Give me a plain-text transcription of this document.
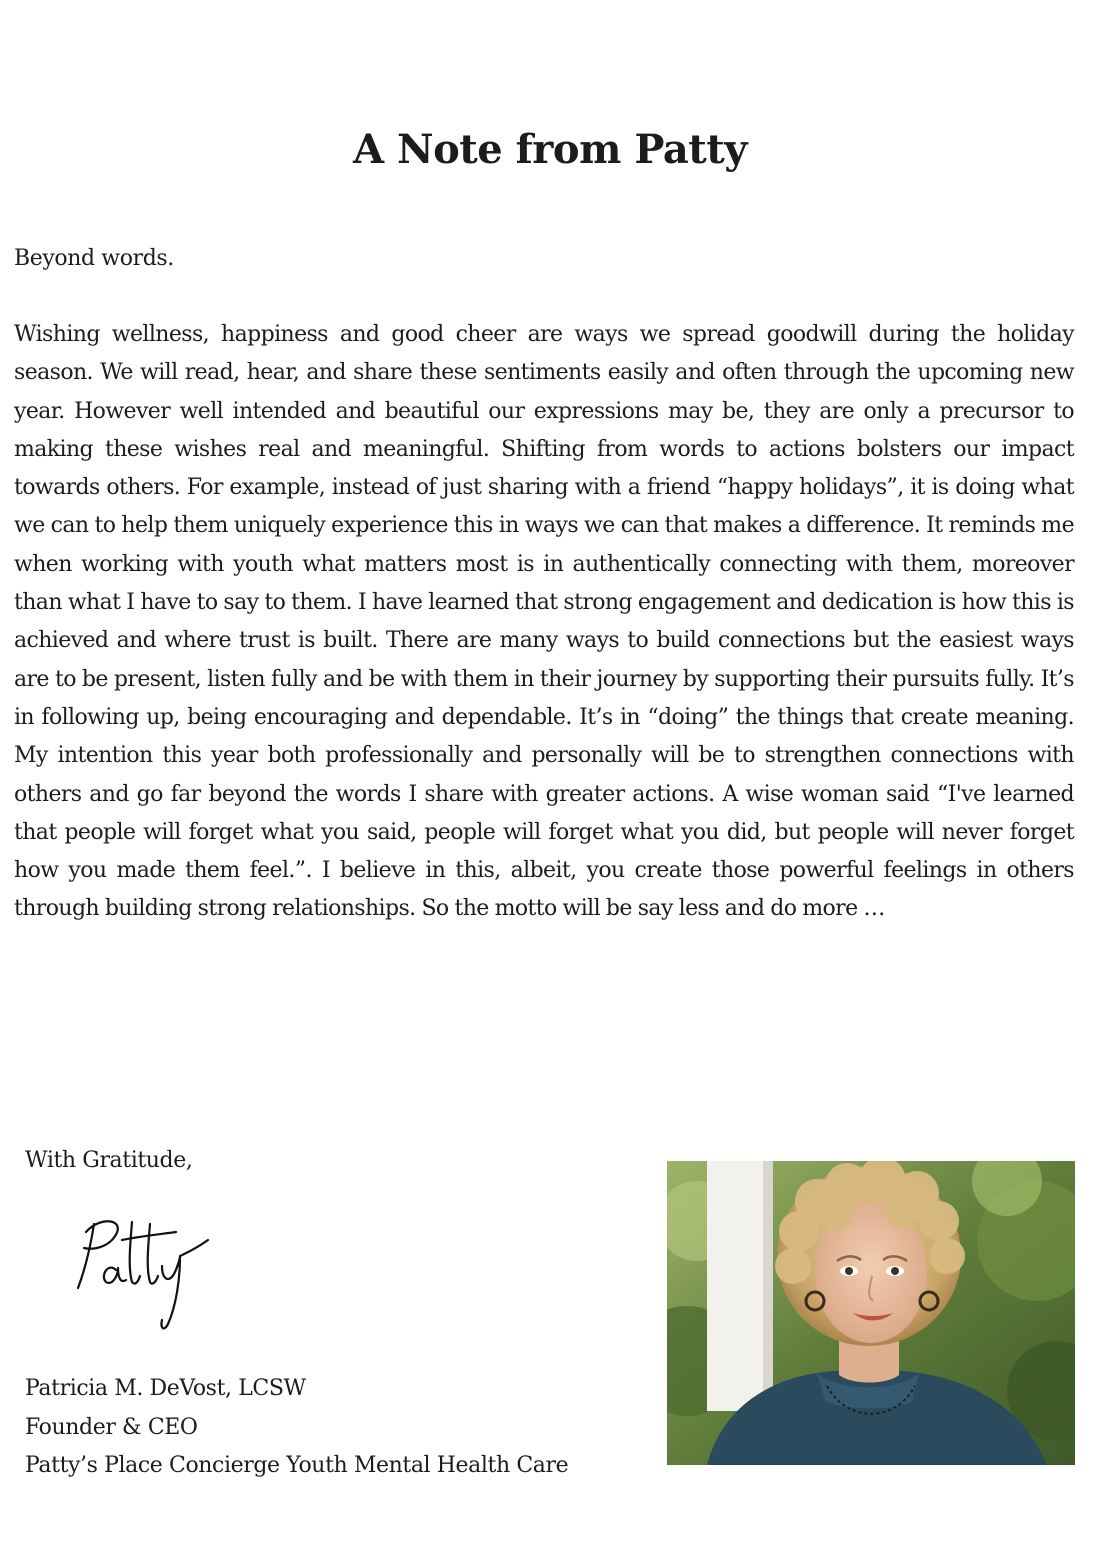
A Note from Patty

Beyond words.

Wishing wellness, happiness and good cheer are ways we spread goodwill during the holiday season. We will read, hear, and share these sentiments easily and often through the upcoming new year. However well intended and beautiful our expressions may be, they are only a precursor to making these wishes real and meaningful. Shifting from words to actions bolsters our impact towards others. For example, instead of just sharing with a friend “happy holidays”, it is doing what we can to help them uniquely experience this in ways we can that makes a difference. It reminds me when working with youth what matters most is in authentically connecting with them, moreover than what I have to say to them. I have learned that strong engagement and dedication is how this is achieved and where trust is built. There are many ways to build connections but the easiest ways are to be present, listen fully and be with them in their journey by supporting their pursuits fully. It’s in following up, being encouraging and dependable. It’s in “doing” the things that create meaning. My intention this year both professionally and personally will be to strengthen connections with others and go far beyond the words I share with greater actions. A wise woman said “I've learned that people will forget what you said, people will forget what you did, but people will never forget how you made them feel.”. I believe in this, albeit, you create those powerful feelings in others through building strong relationships. So the motto will be say less and do more …

With Gratitude,

Patricia M. DeVost, LCSW
Founder & CEO
Patty’s Place Concierge Youth Mental Health Care
